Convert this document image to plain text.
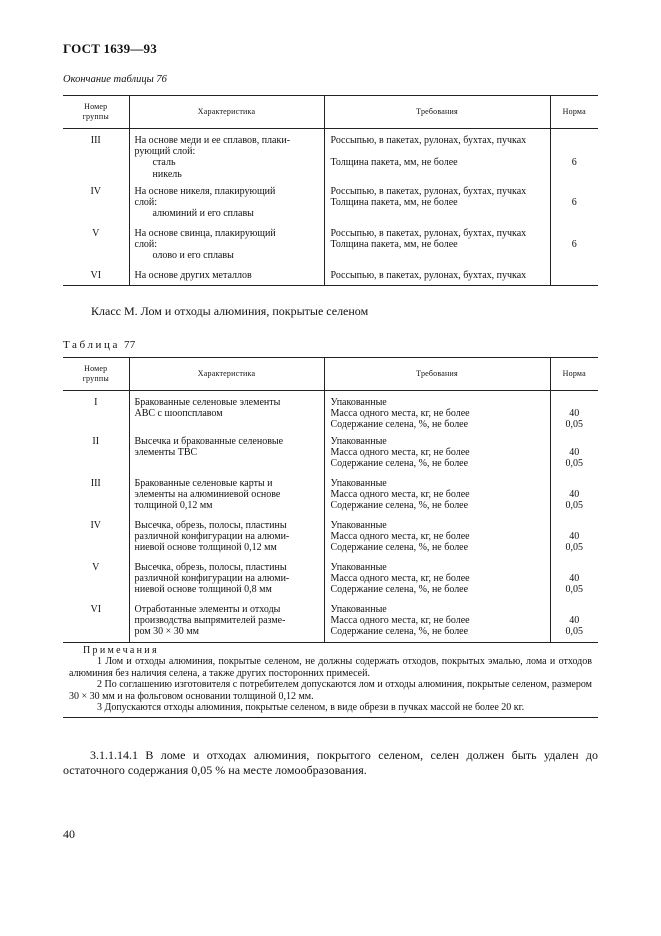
ГОСТ 1639—93
Окончание таблицы 76
Номер
группы	Характеристика	Требования	Норма
III	На основе меди и ее сплавов, плаки-
рующий слой:
сталь
никель	Россыпью, в пакетах, рулонах, бухтах, пучках
Толщина пакета, мм, не более	6

IV	На основе никеля, плакирующий
слой:
алюминий и его сплавы	Россыпью, в пакетах, рулонах, бухтах, пучках
Толщина пакета, мм, не более	6

V	На основе свинца, плакирующий
слой:
олово и его сплавы	Россыпью, в пакетах, рулонах, бухтах, пучках
Толщина пакета, мм, не более	6

VI	На основе других металлов	Россыпью, в пакетах, рулонах, бухтах, пучках	

Класс М. Лом и отходы алюминия, покрытые селеном
Таблица 77
Номер
группы	Характеристика	Требования	Норма
I	Бракованные селеновые элементы
АВС с шоопсплавом	Упакованные
Масса одного места, кг, не более
Содержание селена, %, не более	40
0,05

II	Высечка и бракованные селеновые
элементы ТВС	Упакованные
Масса одного места, кг, не более
Содержание селена, %, не более	40
0,05

III	Бракованные селеновые карты и
элементы на алюминиевой основе
толщиной 0,12 мм	Упакованные
Масса одного места, кг, не более
Содержание селена, %, не более	40
0,05

IV	Высечка, обрезь, полосы, пластины
различной конфигурации на алюми-
ниевой основе толщиной 0,12 мм	Упакованные
Масса одного места, кг, не более
Содержание селена, %, не более	40
0,05

V	Высечка, обрезь, полосы, пластины
различной конфигурации на алюми-
ниевой основе толщиной 0,8 мм	Упакованные
Масса одного места, кг, не более
Содержание селена, %, не более	40
0,05

VI	Отработанные элементы и отходы
производства выпрямителей разме-
ром 30 × 30 мм	Упакованные
Масса одного места, кг, не более
Содержание селена, %, не более	40
0,05

Примечания

1 Лом и отходы алюминия, покрытые селеном, не должны содержать отходов, покрытых эмалью, лома и отходов алюминия без наличия селена, а также других посторонних примесей.

2 По соглашению изготовителя с потребителем допускаются лом и отходы алюминия, покрытые селеном, размером 30 × 30 мм и на фольговом основании толщиной 0,12 мм.

3 Допускаются отходы алюминия, покрытые селеном, в виде обрези в пучках массой не более 20 кг.			

3.1.1.14.1 В ломе и отходах алюминия, покрытого селеном, селен должен быть удален до остаточного содержания 0,05 % на месте ломообразования.
40
